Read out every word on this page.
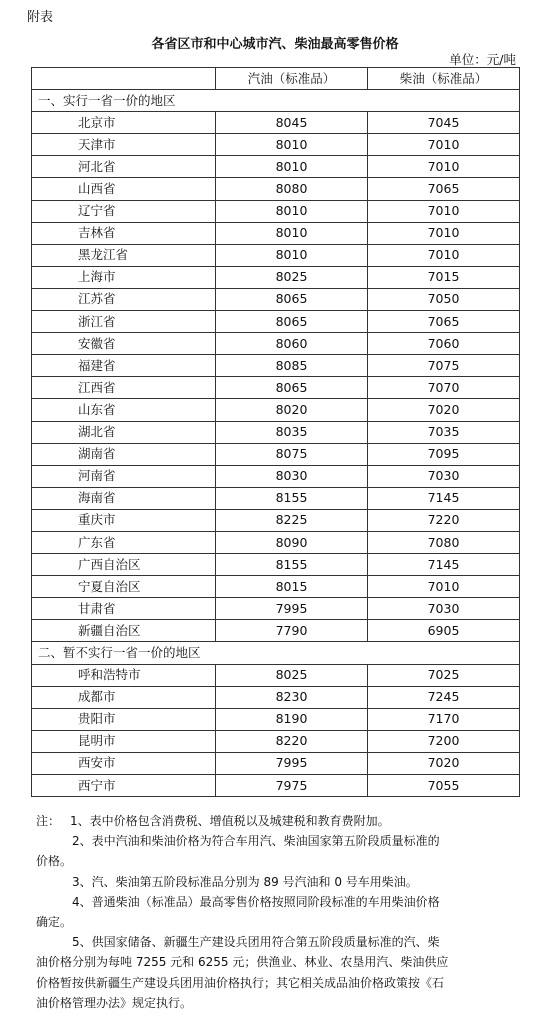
附表
各省区市和中心城市汽、柴油最高零售价格
单位：元/吨
	汽油（标准品）	柴油（标准品）
一、实行一省一价的地区		
北京市	8045	7045
天津市	8010	7010
河北省	8010	7010
山西省	8080	7065
辽宁省	8010	7010
吉林省	8010	7010
黑龙江省	8010	7010
上海市	8025	7015
江苏省	8065	7050
浙江省	8065	7065
安徽省	8060	7060
福建省	8085	7075
江西省	8065	7070
山东省	8020	7020
湖北省	8035	7035
湖南省	8075	7095
河南省	8030	7030
海南省	8155	7145
重庆市	8225	7220
广东省	8090	7080
广西自治区	8155	7145
宁夏自治区	8015	7010
甘肃省	7995	7030
新疆自治区	7790	6905
二、暂不实行一省一价的地区		
呼和浩特市	8025	7025
成都市	8230	7245
贵阳市	8190	7170
昆明市	8220	7200
西安市	7995	7020
西宁市	7975	7055
注： 1、表中价格包含消费税、增值税以及城建税和教育费附加。
2、表中汽油和柴油价格为符合车用汽、柴油国家第五阶段质量标准的
价格。
3、汽、柴油第五阶段标准品分别为 89 号汽油和 0 号车用柴油。
4、普通柴油（标准品）最高零售价格按照同阶段标准的车用柴油价格
确定。
5、供国家储备、新疆生产建设兵团用符合第五阶段质量标准的汽、柴
油价格分别为每吨 7255 元和 6255 元；供渔业、林业、农垦用汽、柴油供应
价格暂按供新疆生产建设兵团用油价格执行；其它相关成品油价格政策按《石
油价格管理办法》规定执行。
